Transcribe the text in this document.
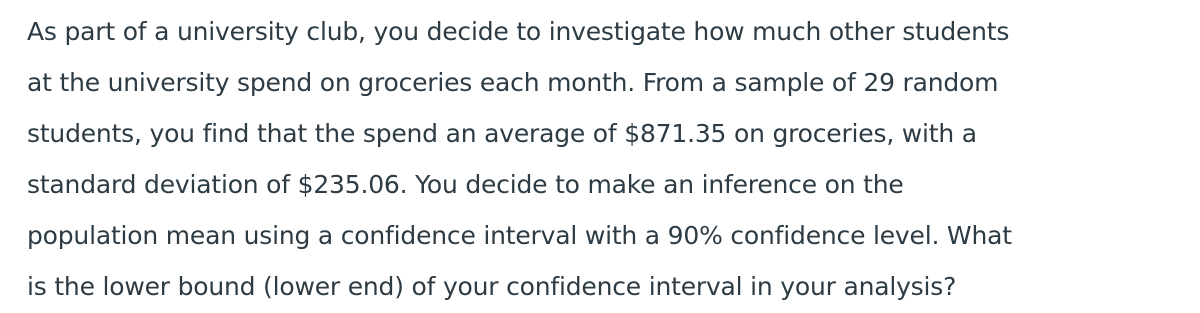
As part of a university club, you decide to investigate how much other students
at the university spend on groceries each month. From a sample of 29 random
students, you find that the spend an average of $871.35 on groceries, with a
standard deviation of $235.06. You decide to make an inference on the
population mean using a confidence interval with a 90% confidence level. What
is the lower bound (lower end) of your confidence interval in your analysis?
